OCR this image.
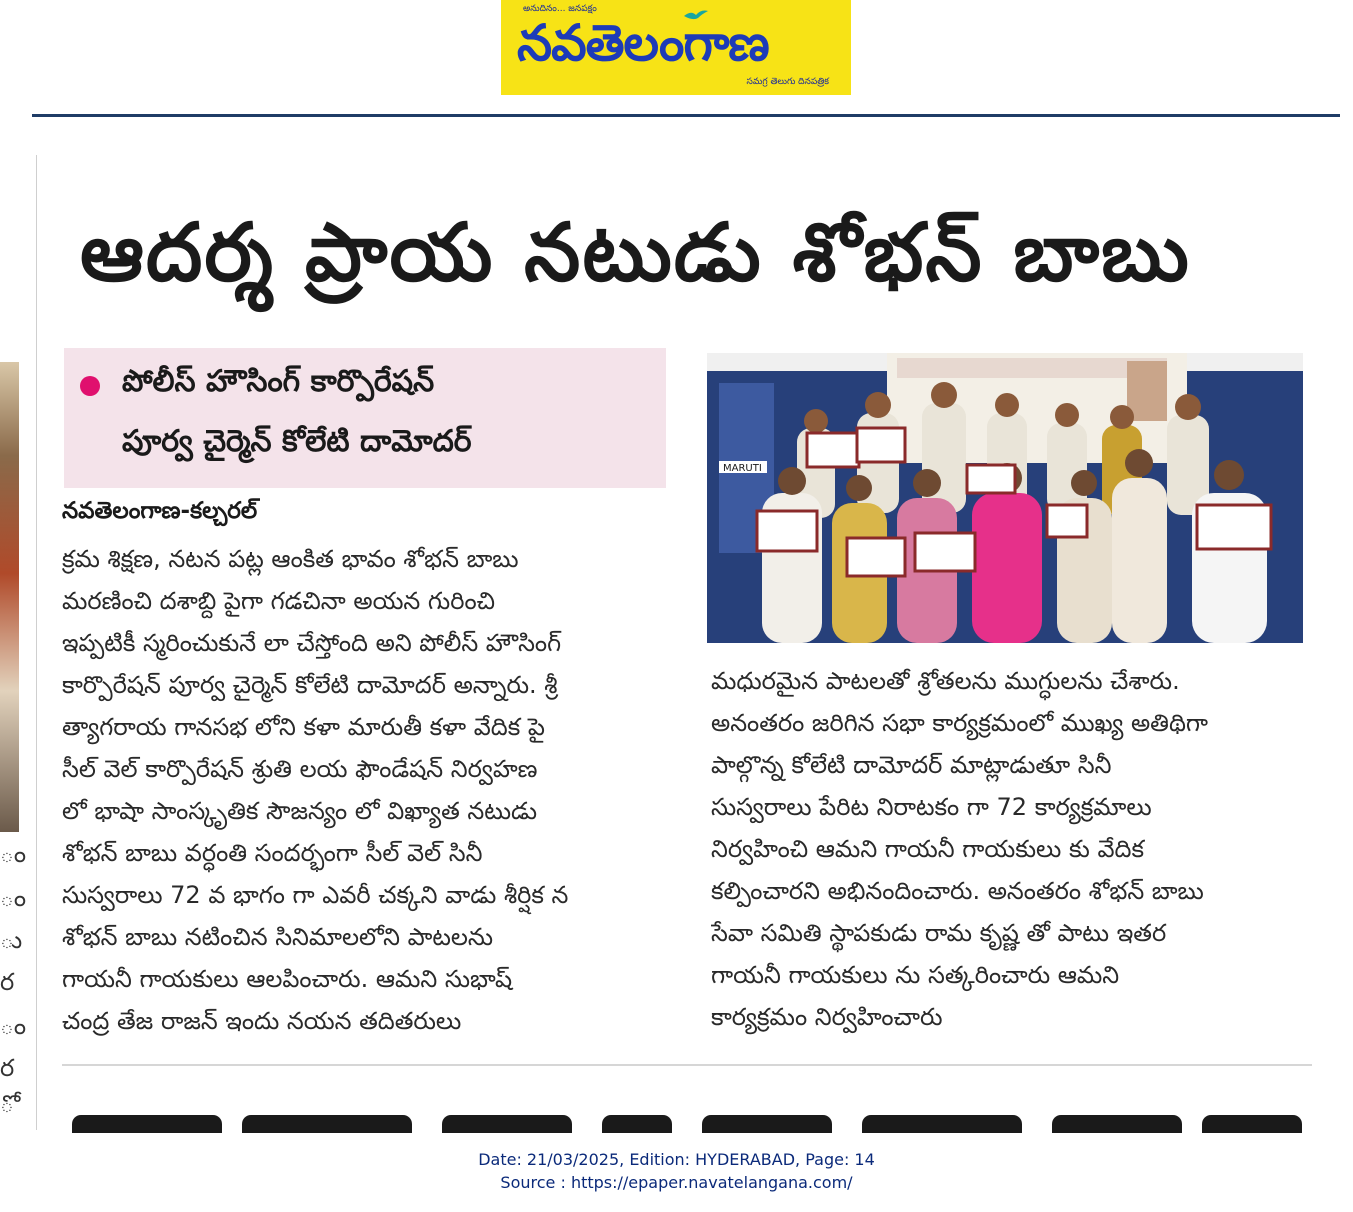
అనుదినం... జనపక్షం
నవతెలంగాణ
సమగ్ర తెలుగు దినపత్రిక
ం
ం
ు
ర
ం
ర
ో
ఆదర్శ ప్రాయ నటుడు శోభన్ బాబు
పోలీస్ హౌసింగ్ కార్పొరేషన్
పూర్వ చైర్మెన్ కోలేటి దామోదర్
నవతెలంగాణ-కల్చరల్
క్రమ శిక్షణ, నటన పట్ల ఆంకిత భావం శోభన్ బాబు
మరణించి దశాబ్ది పైగా గడచినా అయన గురించి
ఇప్పటికీ స్మరించుకునే లా చేస్తోంది అని పోలీస్ హౌసింగ్
కార్పొరేషన్ పూర్వ చైర్మెన్ కోలేటి దామోదర్ అన్నారు. శ్రీ
త్యాగరాయ గానసభ లోని కళా మారుతీ కళా వేదిక పై
సీల్ వెల్ కార్పొరేషన్ శ్రుతి లయ ఫౌండేషన్ నిర్వహణ
లో భాషా సాంస్కృతిక సౌజన్యం లో విఖ్యాత నటుడు
శోభన్ బాబు వర్ధంతి సందర్భంగా సీల్ వెల్ సినీ
సుస్వరాలు 72 వ భాగం గా ఎవరీ చక్కని వాడు శీర్షిక న
శోభన్ బాబు నటించిన సినిమాలలోని పాటలను
గాయనీ గాయకులు ఆలపించారు. ఆమని సుభాష్
చంద్ర తేజ రాజన్ ఇందు నయన తదితరులు
మధురమైన పాటలతో శ్రోతలను ముగ్ధులను చేశారు.
అనంతరం జరిగిన సభా కార్యక్రమంలో ముఖ్య అతిథిగా
పాల్గొన్న కోలేటి దామోదర్ మాట్లాడుతూ సినీ
సుస్వరాలు పేరిట నిరాటకం గా 72 కార్యక్రమాలు
నిర్వహించి ఆమని గాయనీ గాయకులు కు వేదిక
కల్పించారని అభినందించారు. అనంతరం శోభన్ బాబు
సేవా సమితి స్థాపకుడు రామ కృష్ణ తో పాటు ఇతర
గాయనీ గాయకులు ను సత్కరించారు ఆమని
కార్యక్రమం నిర్వహించారు
MARUTI
Date: 21/03/2025, Edition: HYDERABAD, Page: 14
Source : https://epaper.navatelangana.com/
